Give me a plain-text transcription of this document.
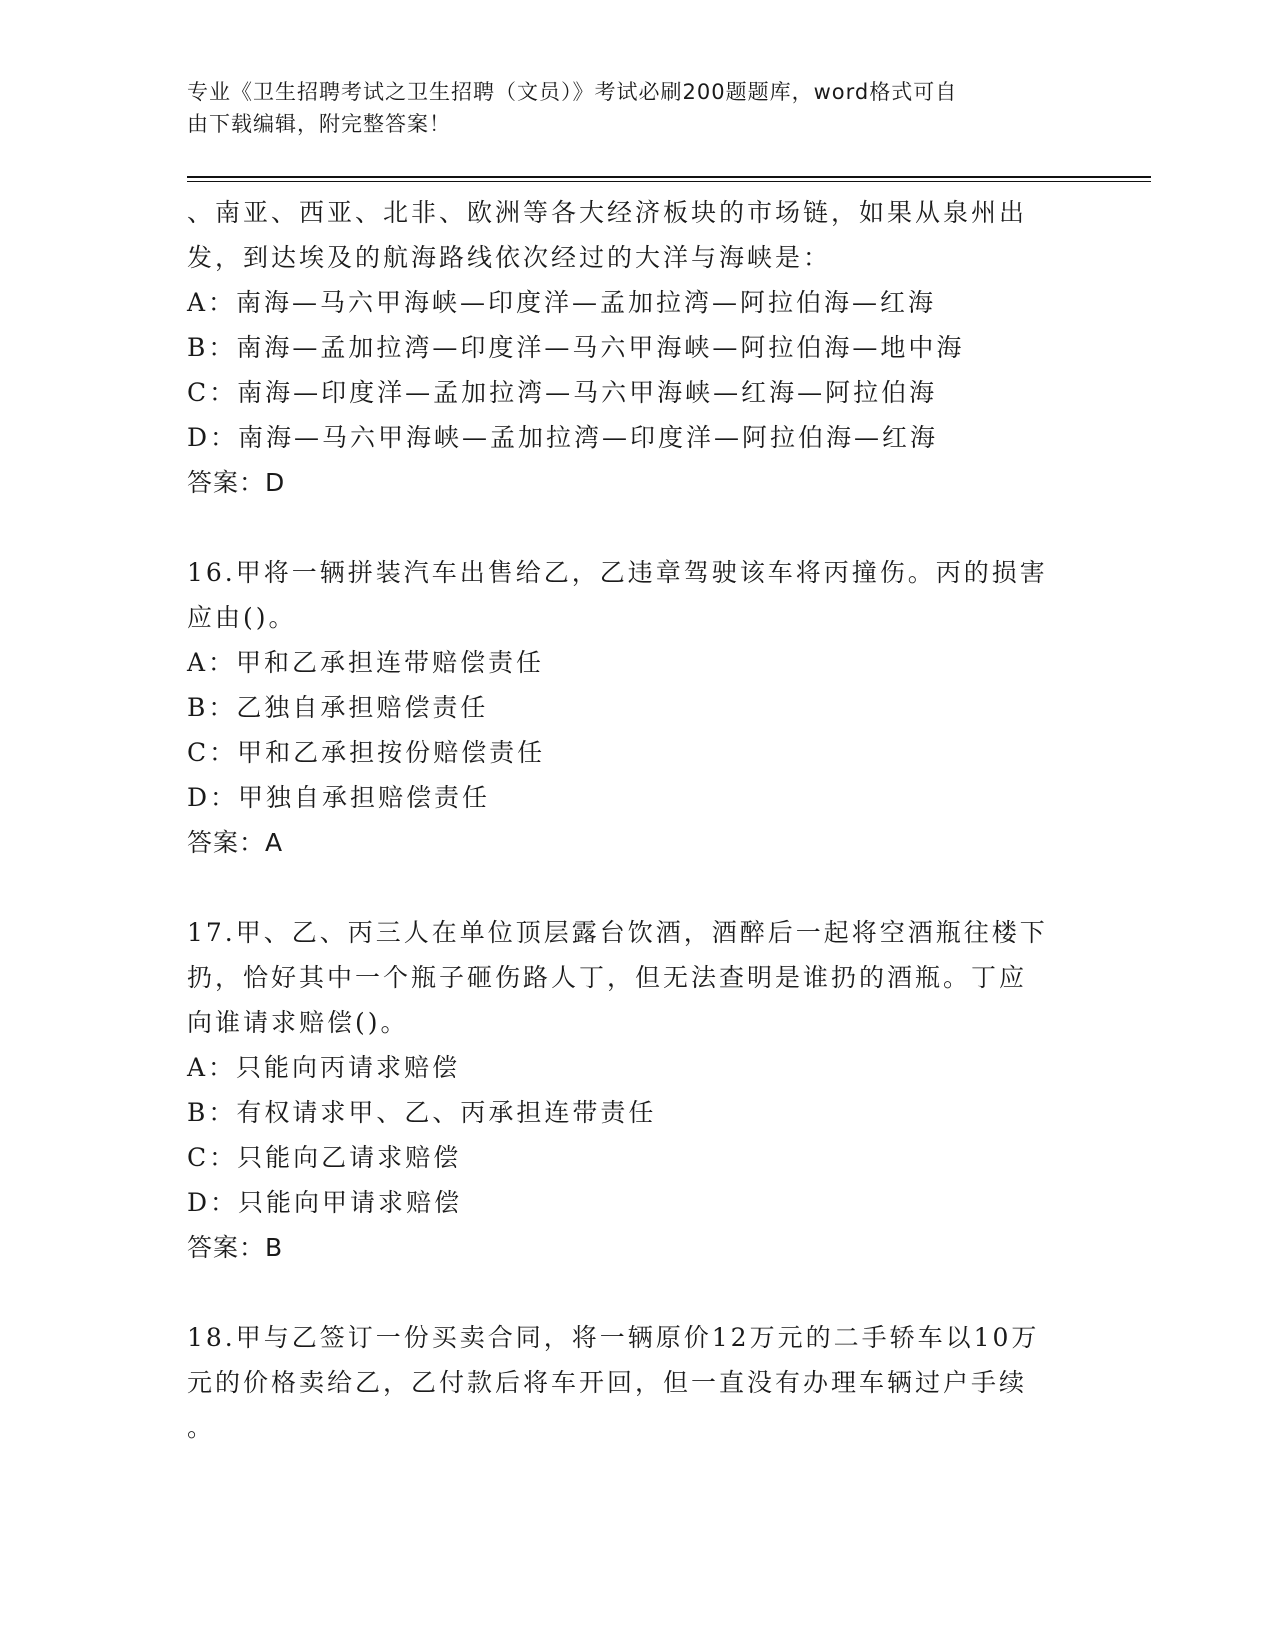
专业《卫生招聘考试之卫生招聘（文员）》考试必刷200题题库，word格式可自
由下载编辑，附完整答案！
、南亚、西亚、北非、欧洲等各大经济板块的市场链，如果从泉州出
发，到达埃及的航海路线依次经过的大洋与海峡是：
A：南海—马六甲海峡—印度洋—孟加拉湾—阿拉伯海—红海
B：南海—孟加拉湾—印度洋—马六甲海峡—阿拉伯海—地中海
C：南海—印度洋—孟加拉湾—马六甲海峡—红海—阿拉伯海
D：南海—马六甲海峡—孟加拉湾—印度洋—阿拉伯海—红海
答案：D
16.甲将一辆拼装汽车出售给乙，乙违章驾驶该车将丙撞伤。丙的损害
应由()。
A：甲和乙承担连带赔偿责任
B：乙独自承担赔偿责任
C：甲和乙承担按份赔偿责任
D：甲独自承担赔偿责任
答案：A
17.甲、乙、丙三人在单位顶层露台饮酒，酒醉后一起将空酒瓶往楼下
扔，恰好其中一个瓶子砸伤路人丁，但无法查明是谁扔的酒瓶。丁应
向谁请求赔偿()。
A：只能向丙请求赔偿
B：有权请求甲、乙、丙承担连带责任
C：只能向乙请求赔偿
D：只能向甲请求赔偿
答案：B
18.甲与乙签订一份买卖合同，将一辆原价12万元的二手轿车以10万
元的价格卖给乙，乙付款后将车开回，但一直没有办理车辆过户手续
。
